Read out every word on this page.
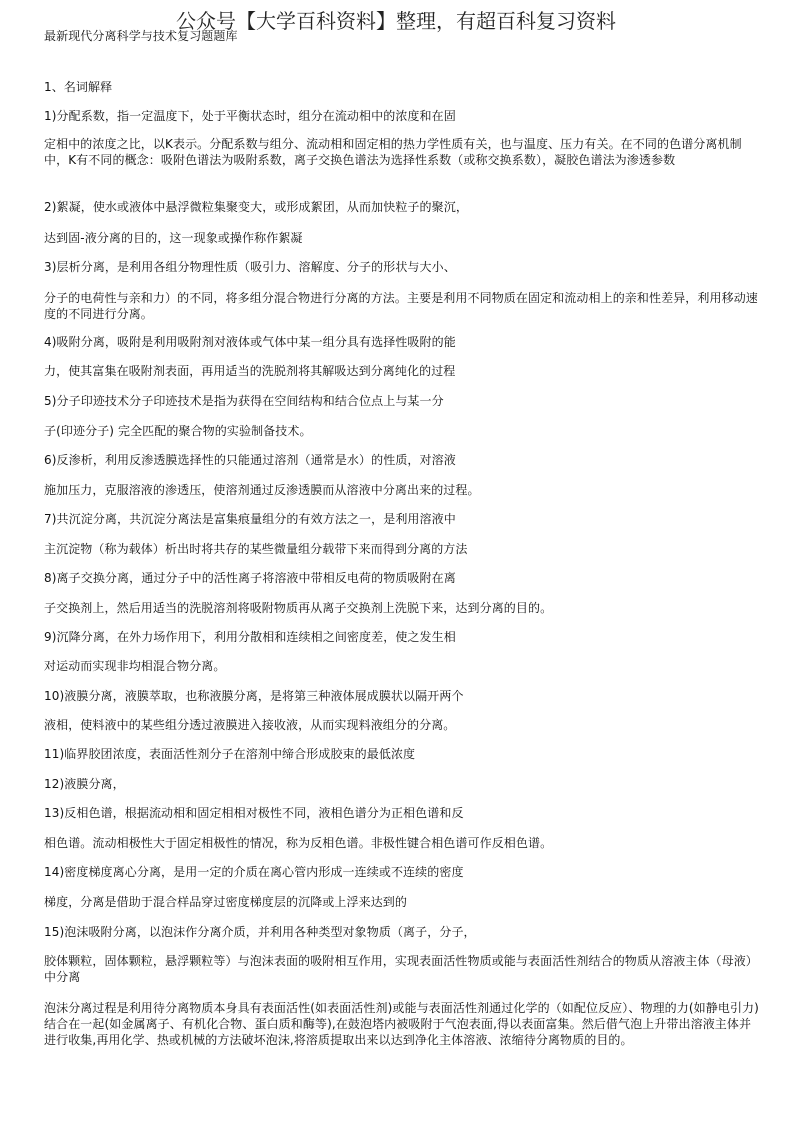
公众号【大学百科资料】整理，有超百科复习资料

最新现代分离科学与技术复习题题库

1、名词解释

1)分配系数，指一定温度下，处于平衡状态时，组分在流动相中的浓度和在固

定相中的浓度之比，以K表示。分配系数与组分、流动相和固定相的热力学性质有关，也与温度、压力有关。在不同的色谱分离机制中，K有不同的概念：吸附色谱法为吸附系数，离子交换色谱法为选择性系数（或称交换系数），凝胶色谱法为渗透参数

2)絮凝，使水或液体中悬浮微粒集聚变大，或形成絮团，从而加快粒子的聚沉，

达到固-液分离的目的，这一现象或操作称作絮凝

3)层析分离，是利用各组分物理性质（吸引力、溶解度、分子的形状与大小、

分子的电荷性与亲和力）的不同，将多组分混合物进行分离的方法。主要是利用不同物质在固定和流动相上的亲和性差异，利用移动速度的不同进行分离。

4)吸附分离，吸附是利用吸附剂对液体或气体中某一组分具有选择性吸附的能

力，使其富集在吸附剂表面，再用适当的洗脱剂将其解吸达到分离纯化的过程

5)分子印迹技术分子印迹技术是指为获得在空间结构和结合位点上与某一分

子(印迹分子) 完全匹配的聚合物的实验制备技术。

6)反渗析，利用反渗透膜选择性的只能通过溶剂（通常是水）的性质，对溶液

施加压力，克服溶液的渗透压，使溶剂通过反渗透膜而从溶液中分离出来的过程。

7)共沉淀分离，共沉淀分离法是富集痕量组分的有效方法之一，是利用溶液中

主沉淀物（称为载体）析出时将共存的某些微量组分载带下来而得到分离的方法

8)离子交换分离，通过分子中的活性离子将溶液中带相反电荷的物质吸附在离

子交换剂上，然后用适当的洗脱溶剂将吸附物质再从离子交换剂上洗脱下来，达到分离的目的。

9)沉降分离，在外力场作用下，利用分散相和连续相之间密度差，使之发生相

对运动而实现非均相混合物分离。

10)液膜分离，液膜萃取，也称液膜分离，是将第三种液体展成膜状以隔开两个

液相，使料液中的某些组分透过液膜进入接收液，从而实现料液组分的分离。

11)临界胶团浓度，表面活性剂分子在溶剂中缔合形成胶束的最低浓度

12)液膜分离，

13)反相色谱，根据流动相和固定相相对极性不同，液相色谱分为正相色谱和反

相色谱。流动相极性大于固定相极性的情况，称为反相色谱。非极性键合相色谱可作反相色谱。

14)密度梯度离心分离，是用一定的介质在离心管内形成一连续或不连续的密度

梯度，分离是借助于混合样品穿过密度梯度层的沉降或上浮来达到的

15)泡沫吸附分离，以泡沫作分离介质，并利用各种类型对象物质（离子，分子，

胶体颗粒，固体颗粒，悬浮颗粒等）与泡沫表面的吸附相互作用，实现表面活性物质或能与表面活性剂结合的物质从溶液主体（母液）中分离

泡沫分离过程是利用待分离物质本身具有表面活性(如表面活性剂)或能与表面活性剂通过化学的（如配位反应）、物理的力(如静电引力)结合在一起(如金属离子、有机化合物、蛋白质和酶等),在鼓泡塔内被吸附于气泡表面,得以表面富集。然后借气泡上升带出溶液主体并进行收集,再用化学、热或机械的方法破坏泡沫,将溶质提取出来以达到净化主体溶液、浓缩待分离物质的目的。
